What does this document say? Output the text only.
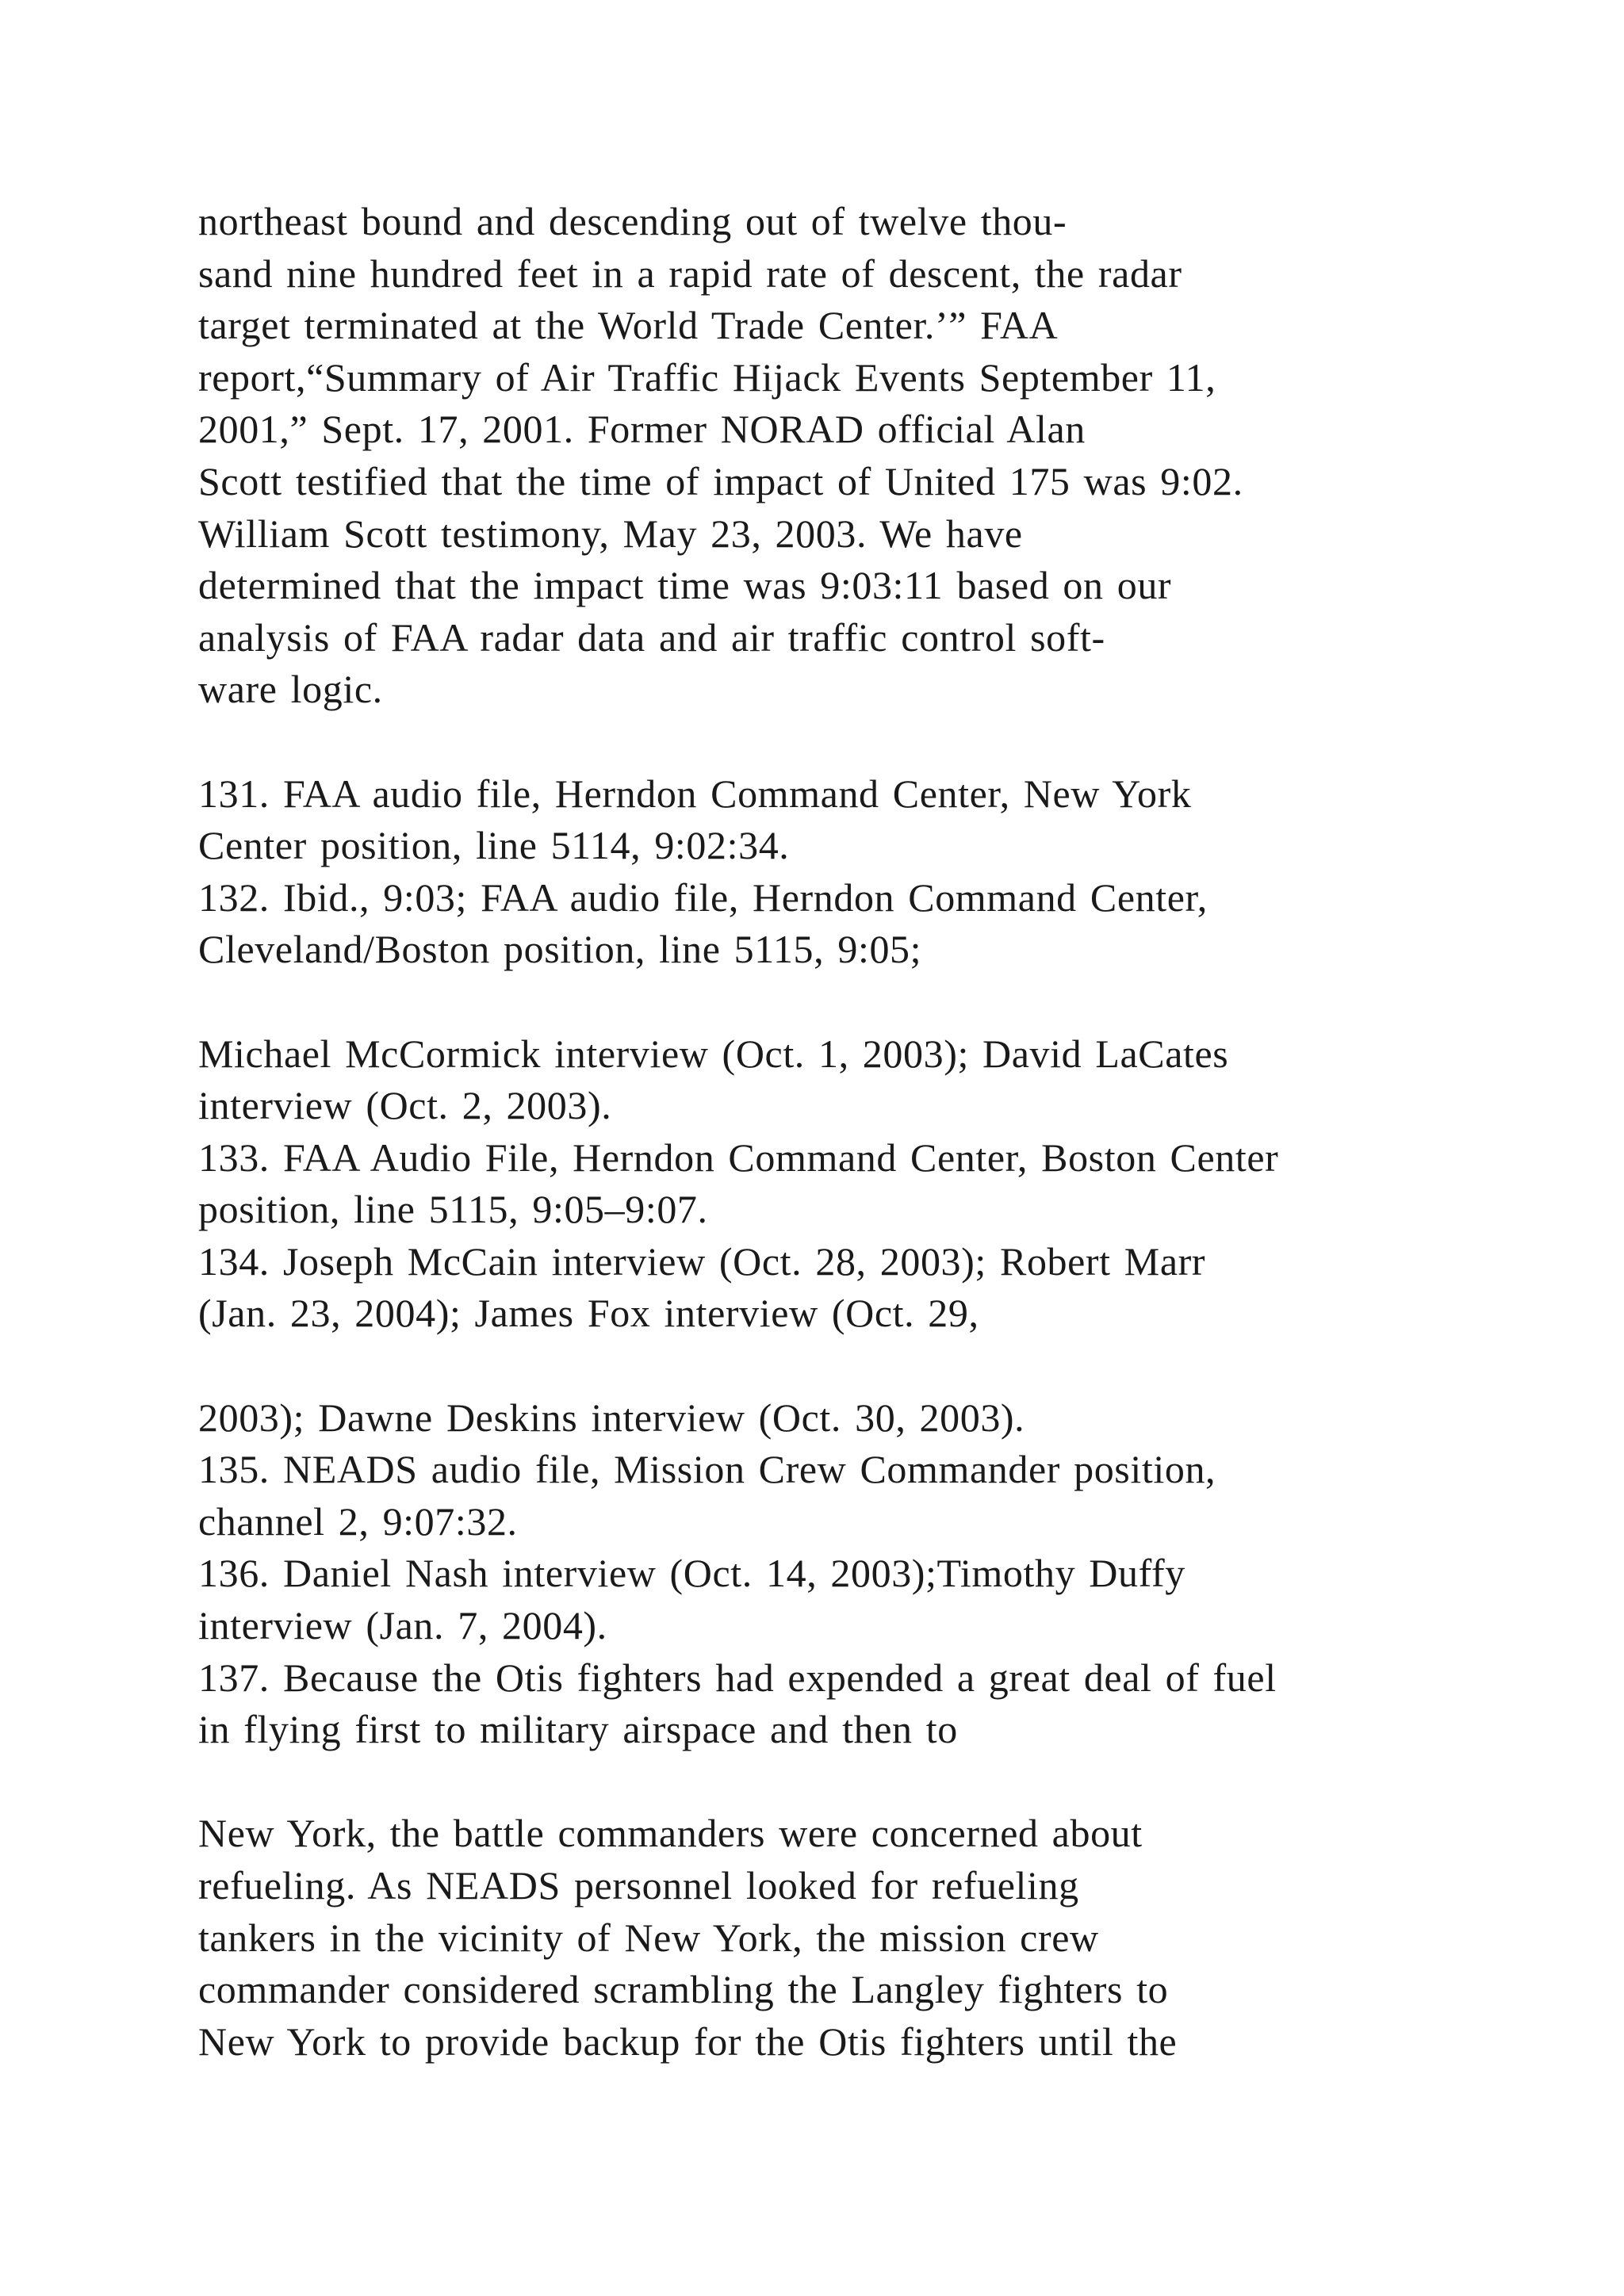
northeast bound and descending out of twelve thou-
sand nine hundred feet in a rapid rate of descent, the radar
target terminated at the World Trade Center.’” FAA
report,“Summary of Air Traffic Hijack Events September 11,
2001,” Sept. 17, 2001. Former NORAD official Alan
Scott testified that the time of impact of United 175 was 9:02.
William Scott testimony, May 23, 2003. We have
determined that the impact time was 9:03:11 based on our
analysis of FAA radar data and air traffic control soft-
ware logic.
131. FAA audio file, Herndon Command Center, New York
Center position, line 5114, 9:02:34.
132. Ibid., 9:03; FAA audio file, Herndon Command Center,
Cleveland/Boston position, line 5115, 9:05;
Michael McCormick interview (Oct. 1, 2003); David LaCates
interview (Oct. 2, 2003).
133. FAA Audio File, Herndon Command Center, Boston Center
position, line 5115, 9:05–9:07.
134. Joseph McCain interview (Oct. 28, 2003); Robert Marr
(Jan. 23, 2004); James Fox interview (Oct. 29,
2003); Dawne Deskins interview (Oct. 30, 2003).
135. NEADS audio file, Mission Crew Commander position,
channel 2, 9:07:32.
136. Daniel Nash interview (Oct. 14, 2003);Timothy Duffy
interview (Jan. 7, 2004).
137. Because the Otis fighters had expended a great deal of fuel
in flying first to military airspace and then to
New York, the battle commanders were concerned about
refueling. As NEADS personnel looked for refueling
tankers in the vicinity of New York, the mission crew
commander considered scrambling the Langley fighters to
New York to provide backup for the Otis fighters until the
